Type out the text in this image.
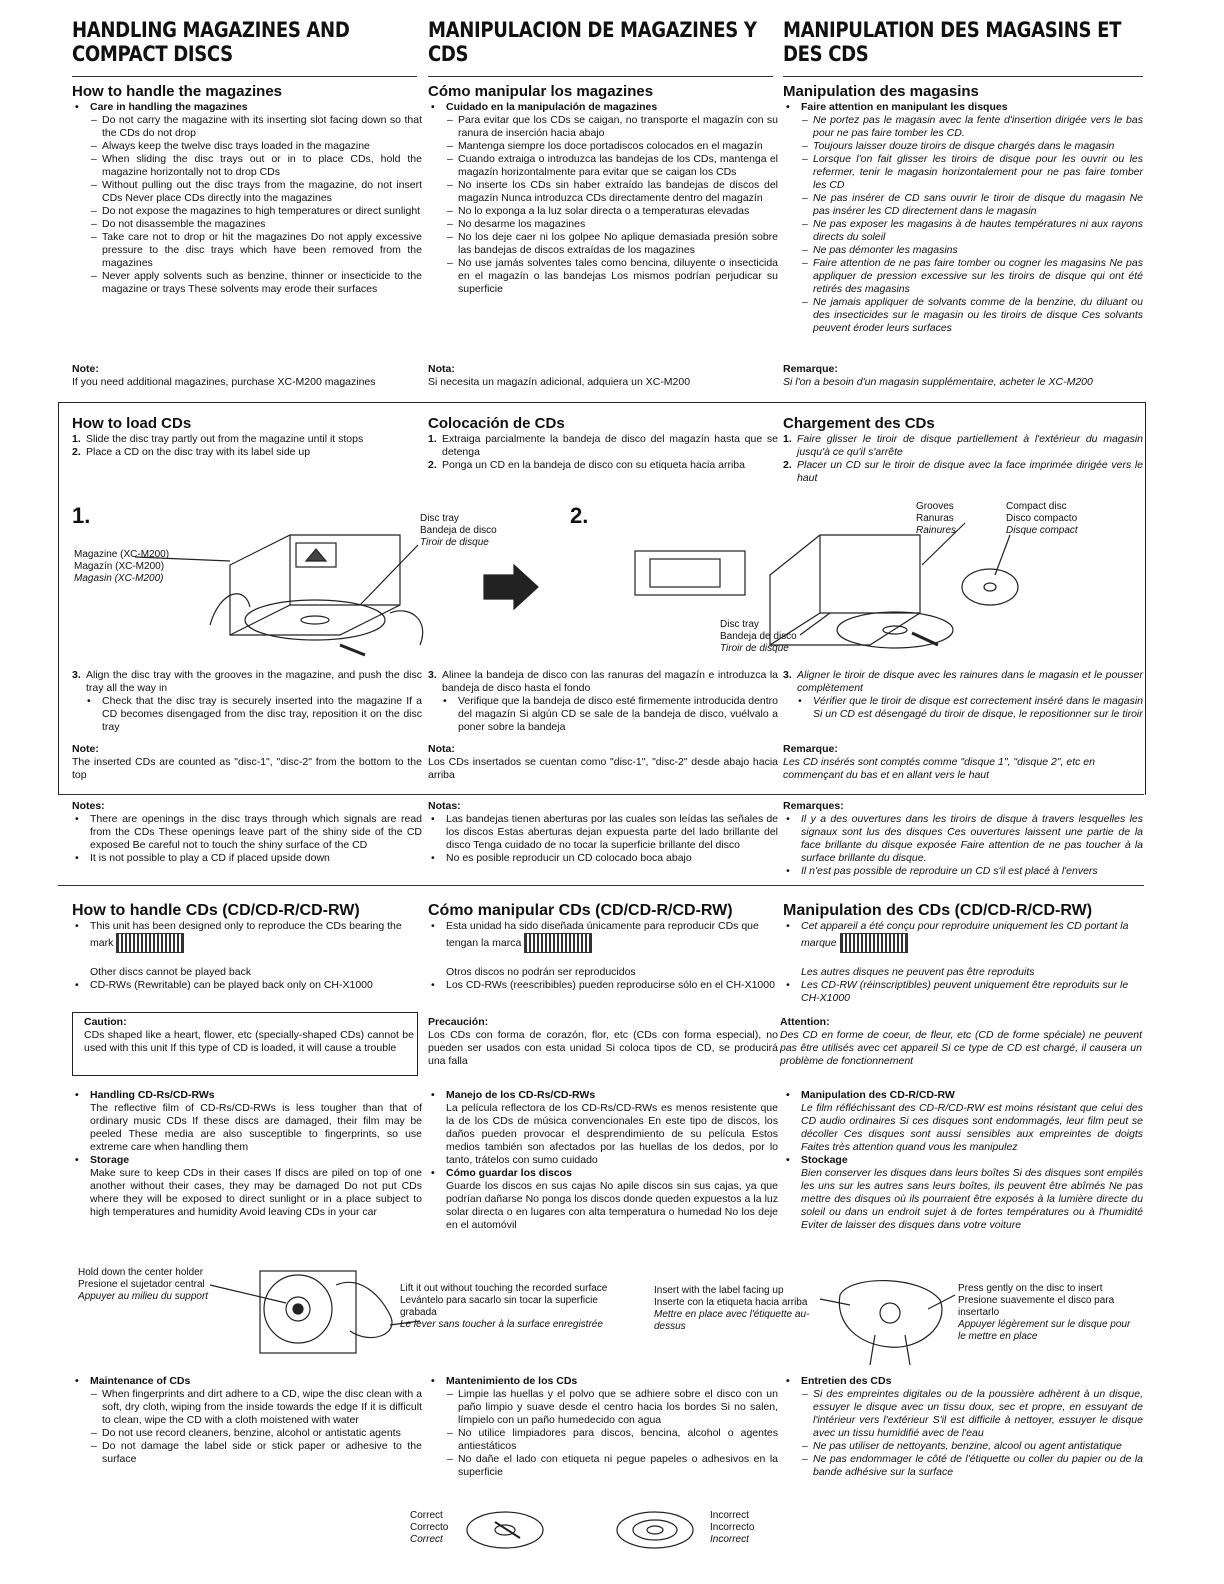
HANDLING MAGAZINES AND COMPACT DISCS
MANIPULACION DE MAGAZINES Y CDS
MANIPULATION DES MAGASINS ET DES CDS
How to handle the magazines
• Care in handling the magazines
– Do not carry the magazine with its inserting slot facing down so that the CDs do not drop
– Always keep the twelve disc trays loaded in the magazine
– When sliding the disc trays out or in to place CDs, hold the magazine horizontally not to drop CDs
– Without pulling out the disc trays from the magazine, do not insert CDs Never place CDs directly into the magazines
– Do not expose the magazines to high temperatures or direct sunlight
– Do not disassemble the magazines
– Take care not to drop or hit the magazines Do not apply excessive pressure to the disc trays which have been removed from the magazines
– Never apply solvents such as benzine, thinner or insecticide to the magazine or trays These solvents may erode their surfaces
Cómo manipular los magazines
• Cuidado en la manipulación de magazines
– Para evitar que los CDs se caigan, no transporte el magazín con su ranura de inserción hacia abajo
– Mantenga siempre los doce portadiscos colocados en el magazín
– Cuando extraiga o introduzca las bandejas de los CDs, mantenga el magazín horizontalmente para evitar que se caigan los CDs
– No inserte los CDs sin haber extraído las bandejas de discos del magazín Nunca introduzca CDs directamente dentro del magazín
– No lo exponga a la luz solar directa o a temperaturas elevadas
– No desarme los magazines
– No los deje caer ni los golpee No aplique demasiada presión sobre las bandejas de discos extraídas de los magazines
– No use jamás solventes tales como bencina, diluyente o insecticida en el magazín o las bandejas Los mismos podrían perjudicar su superficie
Manipulation des magasins
• Faire attention en manipulant les disques
– Ne portez pas le magasin avec la fente d'insertion dirigée vers le bas pour ne pas faire tomber les CD.
– Toujours laisser douze tiroirs de disque chargés dans le magasin
– Lorsque l'on fait glisser les tiroirs de disque pour les ouvrir ou les refermer, tenir le magasin horizontalement pour ne pas faire tomber les CD
– Ne pas insérer de CD sans ouvrir le tiroir de disque du magasin Ne pas insérer les CD directement dans le magasin
– Ne pas exposer les magasins à de hautes températures ni aux rayons directs du soleil
– Ne pas démonter les magasins
– Faire attention de ne pas faire tomber ou cogner les magasins Ne pas appliquer de pression excessive sur les tiroirs de disque qui ont été retirés des magasins
– Ne jamais appliquer de solvants comme de la benzine, du diluant ou des insecticides sur le magasin ou les tiroirs de disque Ces solvants peuvent éroder leurs surfaces
Note:
If you need additional magazines, purchase XC-M200 magazines
Nota:
Si necesita un magazín adicional, adquiera un XC-M200
Remarque:
Si l'on a besoin d'un magasin supplémentaire, acheter le XC-M200
How to load CDs
1. Slide the disc tray partly out from the magazine until it stops
2. Place a CD on the disc tray with its label side up
Colocación de CDs
1. Extraiga parcialmente la bandeja de disco del magazín hasta que se detenga
2. Ponga un CD en la bandeja de disco con su etiqueta hacia arriba
Chargement des CDs
1. Faire glisser le tiroir de disque partiellement à l'extérieur du magasin jusqu'à ce qu'il s'arrête
2. Placer un CD sur le tiroir de disque avec la face imprimée dirigée vers le haut
1.	2.
Magazine (XC-M200)
Magazín (XC-M200)
Magasin (XC-M200)
Disc tray
Bandeja de disco
Tiroir de disque
Grooves
Ranuras
Rainures
Compact disc
Disco compacto
Disque compact
Disc tray
Bandeja de disco
Tiroir de disque
3. Align the disc tray with the grooves in the magazine, and push the disc tray all the way in
• Check that the disc tray is securely inserted into the magazine If a CD becomes disengaged from the disc tray, reposition it on the disc tray
3. Alinee la bandeja de disco con las ranuras del magazín e introduzca la bandeja de disco hasta el fondo
• Verifique que la bandeja de disco esté firmemente introducida dentro del magazín Si algún CD se sale de la bandeja de disco, vuélvalo a poner sobre la bandeja
3. Aligner le tiroir de disque avec les rainures dans le magasin et le pousser complètement
• Vérifier que le tiroir de disque est correctement inséré dans le magasin Si un CD est désengagé du tiroir de disque, le repositionner sur le tiroir
Note:
The inserted CDs are counted as "disc-1", "disc-2" from the bottom to the top
Nota:
Los CDs insertados se cuentan como "disc-1", "disc-2" desde abajo hacia arriba
Remarque:
Les CD insérés sont comptés comme "disque 1", "disque 2", etc en commençant du bas et en allant vers le haut
Notes:
• There are openings in the disc trays through which signals are read from the CDs These openings leave part of the shiny side of the CD exposed Be careful not to touch the shiny surface of the CD
• It is not possible to play a CD if placed upside down
Notas:
• Las bandejas tienen aberturas por las cuales son leídas las señales de los discos Estas aberturas dejan expuesta parte del lado brillante del disco Tenga cuidado de no tocar la superficie brillante del disco
• No es posible reproducir un CD colocado boca abajo
Remarques:
• Il y a des ouvertures dans les tiroirs de disque à travers lesquelles les signaux sont lus des disques Ces ouvertures laissent une partie de la face brillante du disque exposée Faire attention de ne pas toucher à la surface brillante du disque.
• Il n'est pas possible de reproduire un CD s'il est placé à l'envers
How to handle CDs (CD/CD-R/CD-RW)
• This unit has been designed only to reproduce the CDs bearing the mark

Other discs cannot be played back
• CD-RWs (Rewritable) can be played back only on CH-X1000
Cómo manipular CDs (CD/CD-R/CD-RW)
• Esta unidad ha sido diseñada únicamente para reproducir CDs que tengan la marca

Otros discos no podrán ser reproducidos
• Los CD-RWs (reescribibles) pueden reproducirse sólo en el CH-X1000
Manipulation des CDs (CD/CD-R/CD-RW)
• Cet appareil a été conçu pour reproduire uniquement les CD portant la marque

Les autres disques ne peuvent pas être reproduits
• Les CD-RW (réinscriptibles) peuvent uniquement être reproduits sur le CH-X1000
Caution:
CDs shaped like a heart, flower, etc (specially-shaped CDs) cannot be used with this unit If this type of CD is loaded, it will cause a trouble
Precaución:
Los CDs con forma de corazón, flor, etc (CDs con forma especial), no pueden ser usados con esta unidad Si coloca tipos de CD, se producirá una falla
Attention:
Des CD en forme de coeur, de fleur, etc (CD de forme spéciale) ne peuvent pas être utilisés avec cet appareil Si ce type de CD est chargé, il causera un problème de fonctionnement
• Handling CD-Rs/CD-RWs
The reflective film of CD-Rs/CD-RWs is less tougher than that of ordinary music CDs If these discs are damaged, their film may be peeled These media are also susceptible to fingerprints, so use extreme care when handling them
• Storage
Make sure to keep CDs in their cases If discs are piled on top of one another without their cases, they may be damaged Do not put CDs where they will be exposed to direct sunlight or in a place subject to high temperatures and humidity Avoid leaving CDs in your car
• Manejo de los CD-Rs/CD-RWs
La película reflectora de los CD-Rs/CD-RWs es menos resistente que la de los CDs de música convencionales En este tipo de discos, los daños pueden provocar el desprendimiento de su película Estos medios también son afectados por las huellas de los dedos, por lo tanto, trátelos con sumo cuidado
• Cómo guardar los discos
Guarde los discos en sus cajas No apile discos sin sus cajas, ya que podrían dañarse No ponga los discos donde queden expuestos a la luz solar directa o en lugares con alta temperatura o humedad No los deje en el automóvil
• Manipulation des CD-R/CD-RW
Le film réfléchissant des CD-R/CD-RW est moins résistant que celui des CD audio ordinaires Si ces disques sont endommagés, leur film peut se décoller Ces disques sont aussi sensibles aux empreintes de doigts Faites très attention quand vous les manipulez
• Stockage
Bien conserver les disques dans leurs boîtes Si des disques sont empilés les uns sur les autres sans leurs boîtes, ils peuvent être abîmés Ne pas mettre des disques où ils pourraient être exposés à la lumière directe du soleil ou dans un endroit sujet à de fortes températures ou à l'humidité Eviter de laisser des disques dans votre voiture
Hold down the center holder
Presione el sujetador central
Appuyer au milieu du support
Lift it out without touching the recorded surface
Levántelo para sacarlo sin tocar la superficie grabada
Le lever sans toucher à la surface enregistrée
Insert with the label facing up
Inserte con la etiqueta hacia arriba
Mettre en place avec l'étiquette au-dessus
Press gently on the disc to insert
Presione suavemente el disco para insertarlo
Appuyer légèrement sur le disque pour le mettre en place
• Maintenance of CDs
– When fingerprints and dirt adhere to a CD, wipe the disc clean with a soft, dry cloth, wiping from the inside towards the edge If it is difficult to clean, wipe the CD with a cloth moistened with water
– Do not use record cleaners, benzine, alcohol or antistatic agents
– Do not damage the label side or stick paper or adhesive to the surface
• Mantenimiento de los CDs
– Limpie las huellas y el polvo que se adhiere sobre el disco con un paño limpio y suave desde el centro hacia los bordes Si no salen, límpielo con un paño humedecido con agua
– No utilice limpiadores para discos, bencina, alcohol o agentes antiestáticos
– No dañe el lado con etiqueta ni pegue papeles o adhesivos en la superficie
• Entretien des CDs
– Si des empreintes digitales ou de la poussière adhèrent à un disque, essuyer le disque avec un tissu doux, sec et propre, en essuyant de l'intérieur vers l'extérieur S'il est difficile à nettoyer, essuyer le disque avec un tissu humidifié avec de l'eau
– Ne pas utiliser de nettoyants, benzine, alcool ou agent antistatique
– Ne pas endommager le côté de l'étiquette ou coller du papier ou de la bande adhésive sur la surface
Correct
Correcto
Correct
Incorrect
Incorrecto
Incorrect
